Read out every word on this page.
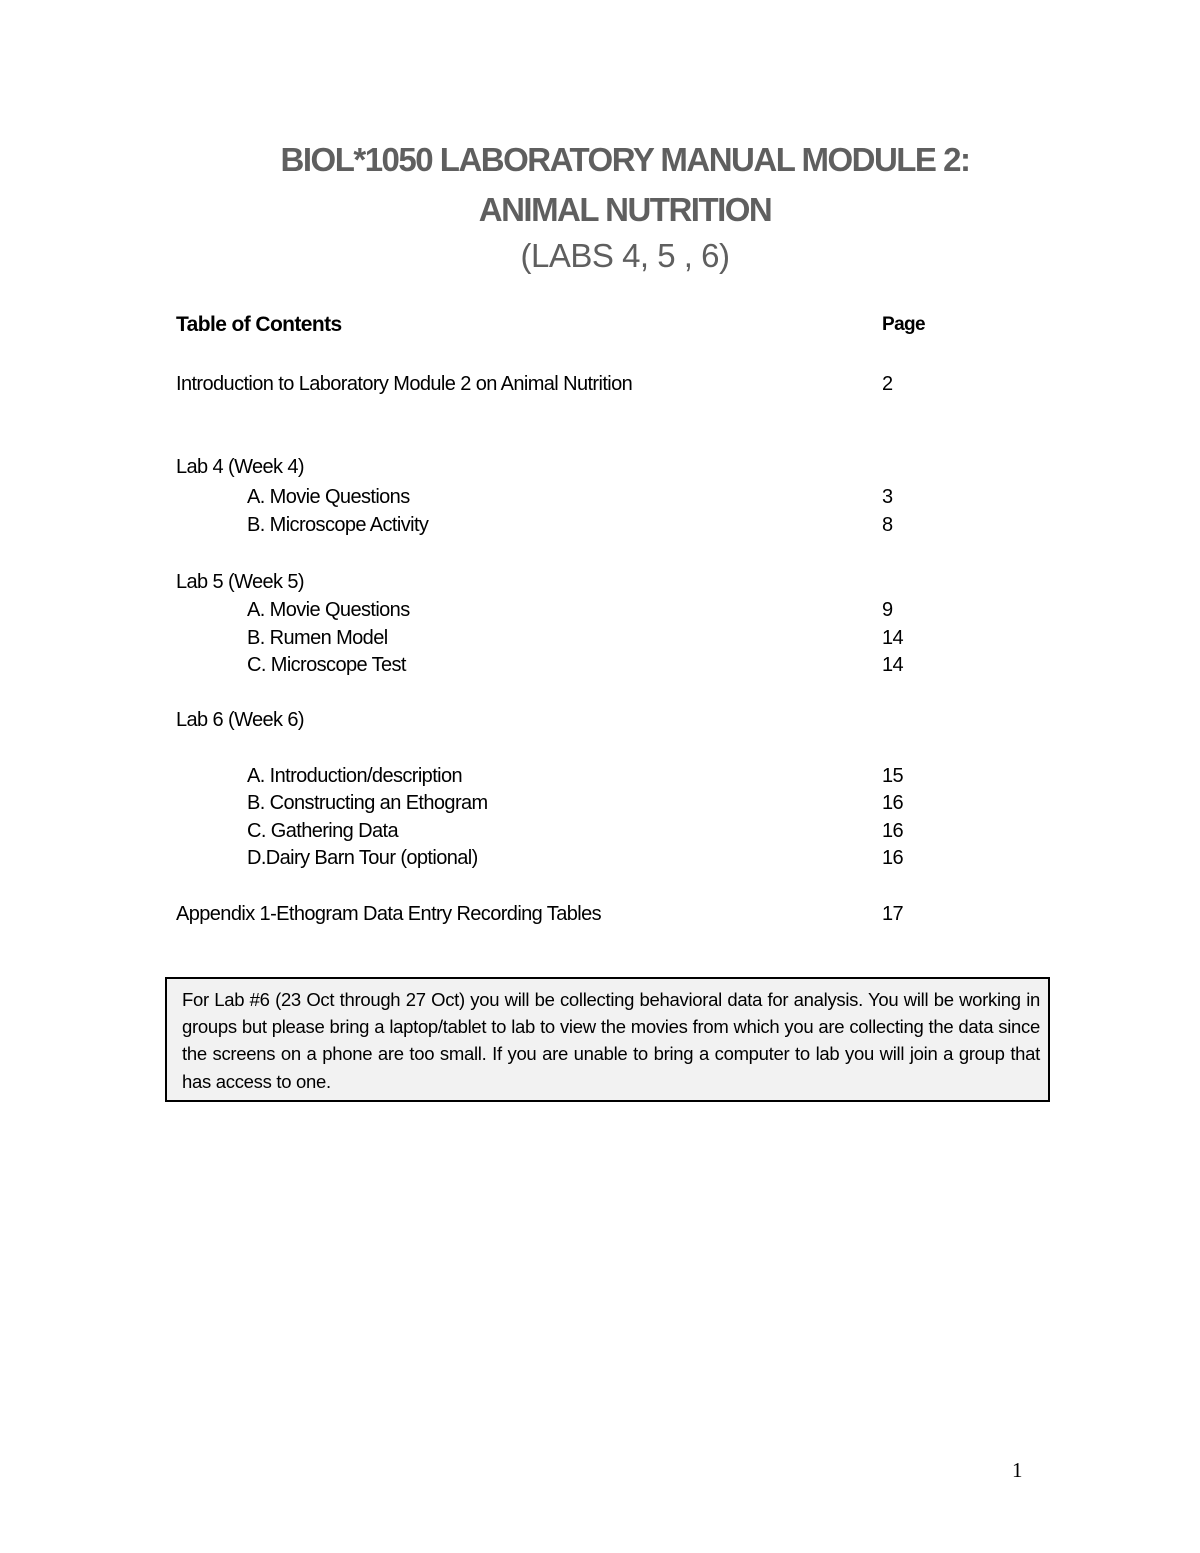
BIOL*1050 LABORATORY MANUAL MODULE 2:
ANIMAL NUTRITION
(LABS 4, 5 , 6)
Table of Contents	Page
Introduction to Laboratory Module 2 on Animal Nutrition	2
Lab 4 (Week 4)
A. Movie Questions	3
B. Microscope Activity	8
Lab 5 (Week 5)
A. Movie Questions	9
B. Rumen Model	14
C. Microscope Test	14
Lab 6 (Week 6)
A. Introduction/description	15
B. Constructing an Ethogram	16
C. Gathering Data	16
D.Dairy Barn Tour (optional)	16
Appendix 1-Ethogram Data Entry Recording Tables	17
For Lab #6 (23 Oct through 27 Oct) you will be collecting behavioral data for analysis. You will be working in groups but please bring a laptop/tablet to lab to view the movies from which you are collecting the data since the screens on a phone are too small. If you are unable to bring a computer to lab you will join a group that has access to one.
1
